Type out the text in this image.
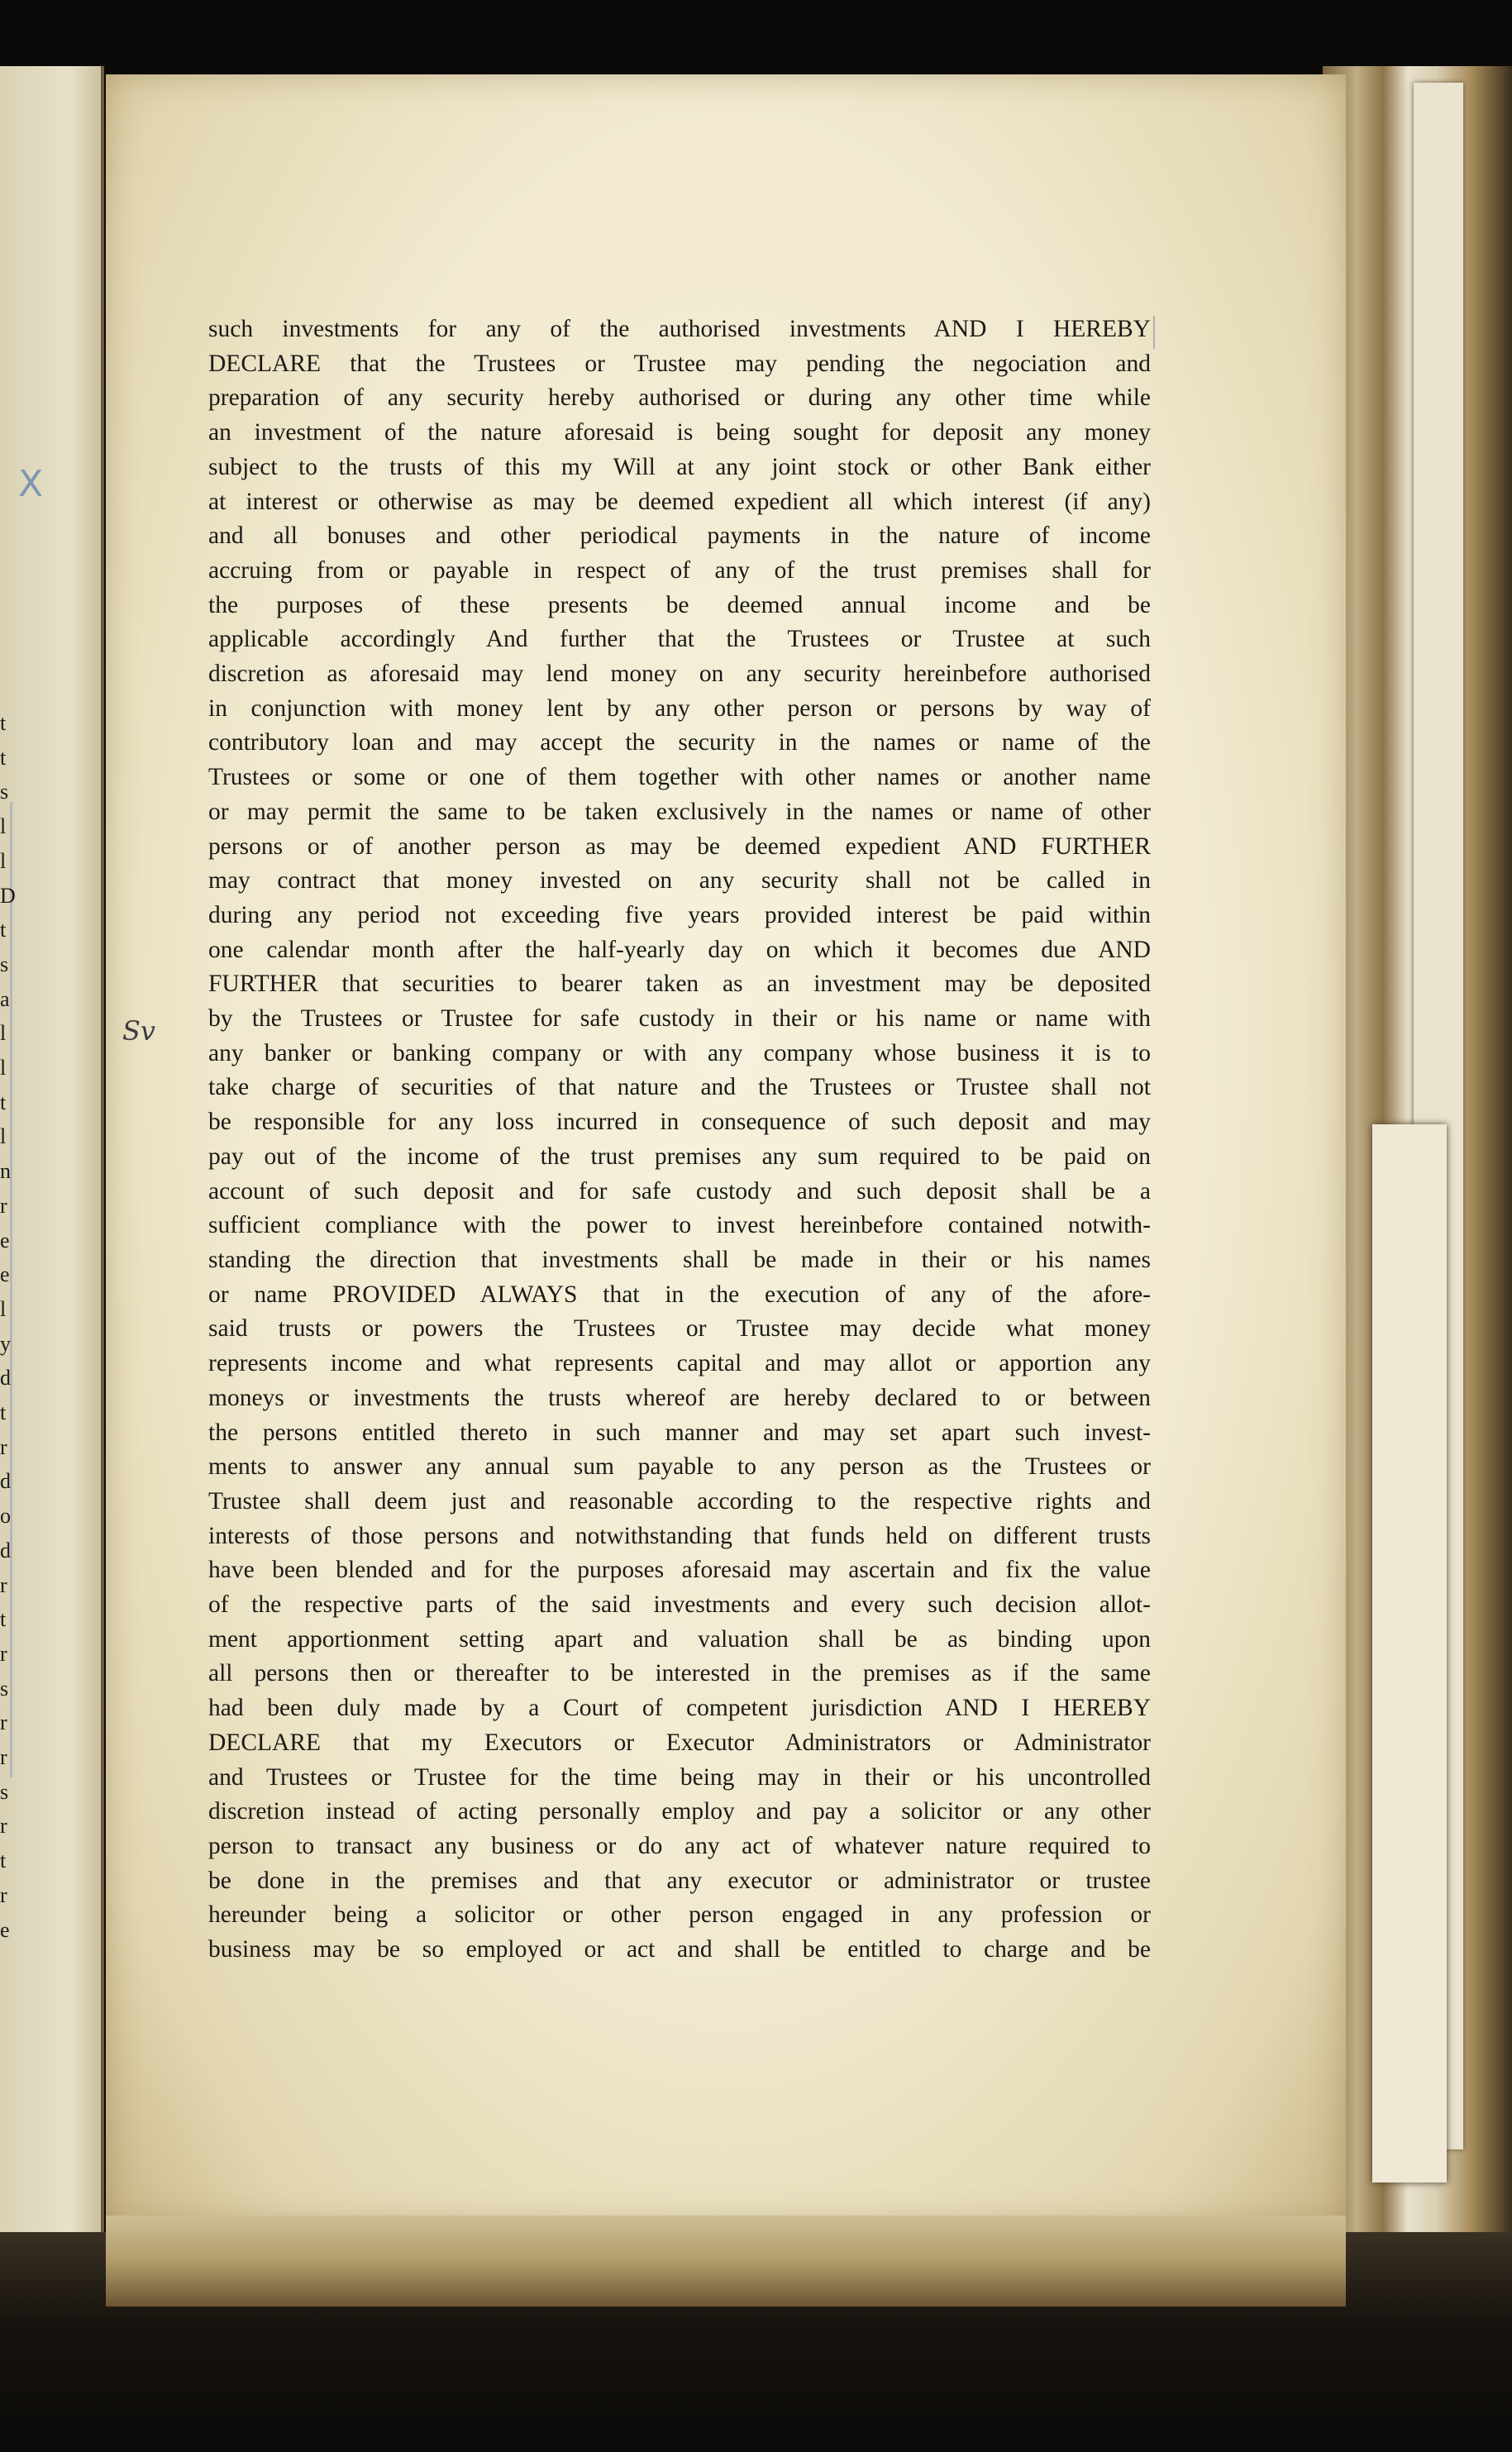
X
t
t
s
l
l
D
t
s
a
l
l
t
l
n
r
e
e
l
y
d
t
r
d
o
d
r
t
r
s
r
r
s
r
t
r
e
Sv
such investments for any of the authorised investments AND I HEREBY
DECLARE that the Trustees or Trustee may pending the negociation and
preparation of any security hereby authorised or during any other time while
an investment of the nature aforesaid is being sought for deposit any money
subject to the trusts of this my Will at any joint stock or other Bank either
at interest or otherwise as may be deemed expedient all which interest (if any)
and all bonuses and other periodical payments in the nature of income
accruing from or payable in respect of any of the trust premises shall for
the purposes of these presents be deemed annual income and be
applicable accordingly And further that the Trustees or Trustee at such
discretion as aforesaid may lend money on any security hereinbefore authorised
in conjunction with money lent by any other person or persons by way of
contributory loan and may accept the security in the names or name of the
Trustees or some or one of them together with other names or another name
or may permit the same to be taken exclusively in the names or name of other
persons or of another person as may be deemed expedient AND FURTHER
may contract that money invested on any security shall not be called in
during any period not exceeding five years provided interest be paid within
one calendar month after the half-yearly day on which it becomes due AND
FURTHER that securities to bearer taken as an investment may be deposited
by the Trustees or Trustee for safe custody in their or his name or name with
any banker or banking company or with any company whose business it is to
take charge of securities of that nature and the Trustees or Trustee shall not
be responsible for any loss incurred in consequence of such deposit and may
pay out of the income of the trust premises any sum required to be paid on
account of such deposit and for safe custody and such deposit shall be a
sufficient compliance with the power to invest hereinbefore contained notwith-
standing the direction that investments shall be made in their or his names
or name PROVIDED ALWAYS that in the execution of any of the afore-
said trusts or powers the Trustees or Trustee may decide what money
represents income and what represents capital and may allot or apportion any
moneys or investments the trusts whereof are hereby declared to or between
the persons entitled thereto in such manner and may set apart such invest-
ments to answer any annual sum payable to any person as the Trustees or
Trustee shall deem just and reasonable according to the respective rights and
interests of those persons and notwithstanding that funds held on different trusts
have been blended and for the purposes aforesaid may ascertain and fix the value
of the respective parts of the said investments and every such decision allot-
ment apportionment setting apart and valuation shall be as binding upon
all persons then or thereafter to be interested in the premises as if the same
had been duly made by a Court of competent jurisdiction AND I HEREBY
DECLARE that my Executors or Executor Administrators or Administrator
and Trustees or Trustee for the time being may in their or his uncontrolled
discretion instead of acting personally employ and pay a solicitor or any other
person to transact any business or do any act of whatever nature required to
be done in the premises and that any executor or administrator or trustee
hereunder being a solicitor or other person engaged in any profession or
business may be so employed or act and shall be entitled to charge and be
